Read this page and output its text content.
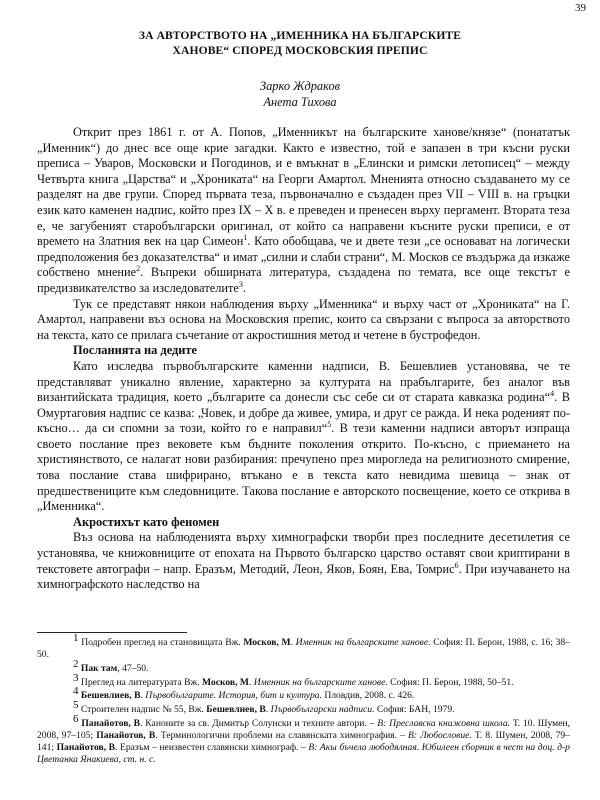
39
ЗА АВТОРСТВОТО НА „ИМЕННИКА НА БЪЛГАРСКИТЕ
ХАНОВЕ“ СПОРЕД МОСКОВСКИЯ ПРЕПИС
Зарко Ждраков
Анета Тихова

Открит през 1861 г. от А. Попов, „Именникът на българските ханове/князе“ (понататък „Именник“) до днес все още крие загадки. Както е известно, той е запазен в три късни руски преписа – Уваров, Московски и Погодинов, и е вмъкнат в „Елински и римски летописец“ – между Четвърта книга „Царства“ и „Хрониката“ на Георги Амартол. Мненията относно създаването му се разделят на две групи. Според първата теза, първоначално е създаден през VII – VIII в. на гръцки език като каменен надпис, който през IX – X в. е преведен и пренесен върху пергамент. Втората теза е, че загубеният старобългарски оригинал, от който са направени късните руски преписи, е от времето на Златния век на цар Симеон$^1$. Като обобщава, че и двете тези „се основават на логически предположения без доказателства“ и имат „силни и слаби страни“, М. Москов се въздържа да изкаже собствено мнение$^2$. Въпреки обширната литература, създадена по темата, все още текстът е предизвикателство за изследователите$^3$.

Тук се представят някои наблюдения върху „Именника“ и върху част от „Хрониката“ на Г. Амартол, направени въз основа на Московския препис, които са свързани с въпроса за авторството на текста, като се прилага съчетание от акростишния метод и четене в бустрофедон.

Посланията на дедите

Като изследва първобългарските каменни надписи, В. Бешевлиев установява, че те представляват уникално явление, характерно за културата на прабългарите, без аналог във византийската традиция, което „българите са донесли със себе си от старата кавказка родина“$^4$. В Омуртаговия надпис се казва: „Човек, и добре да живее, умира, и друг се ражда. И нека роденият по-късно… да си спомни за този, който го е направил“$^5$. В тези каменни надписи авторът изпраща своето послание през вековете към бъдните поколения открито. По-късно, с приемането на християнството, се налагат нови разбирания: пречупено през мирогледа на религиозното смирение, това послание става шифрирано, втъкано е в текста като невидима шевица – знак от предшествениците към следовниците. Такова послание е авторското посвещение, което се открива в „Именника“.

Акростихът като феномен

Въз основа на наблюденията върху химнографски творби през последните десетилетия се установява, че книжовниците от епохата на Първото българско царство оставят свои криптирани в текстовете автографи – напр. Еразъм, Методий, Леон, Яков, Боян, Ева, Томрис$^6$. При изучаването на химнографското наследство на

$^1$ Подробен преглед на становищата Вж. Москов, М. Именник на българските ханове. София: П. Берон, 1988, с. 16; 38–50.
$^2$ Пак там, 47–50.
$^3$ Преглед на литературата Вж. Москов, М. Именник на българските ханове. София: П. Берон, 1988, 50–51.
$^4$ Бешевлиев, В. Първобългарите. История, бит и култура. Пловдив, 2008. с. 426.
$^5$ Строителен надпис № 55, Вж. Бешевлиев, В. Първобългарски надписи. София: БАН, 1979.
$^6$ Панайотов, В. Каноните за св. Димитър Солунски и техните автори. – В: Преславска книжовна школа. Т. 10. Шумен, 2008, 97–105; Панайотов, В. Терминологични проблеми на славянската химнография. – В: Любословие. Т. 8. Шумен, 2008, 79–141; Панайотов, В. Еразъм – неизвестен славянски химнограф. – В: Акы бъчела любодялная. Юбилеен сборник в чест на доц. д-р Цветанка Янакиева, ст. н. с.
